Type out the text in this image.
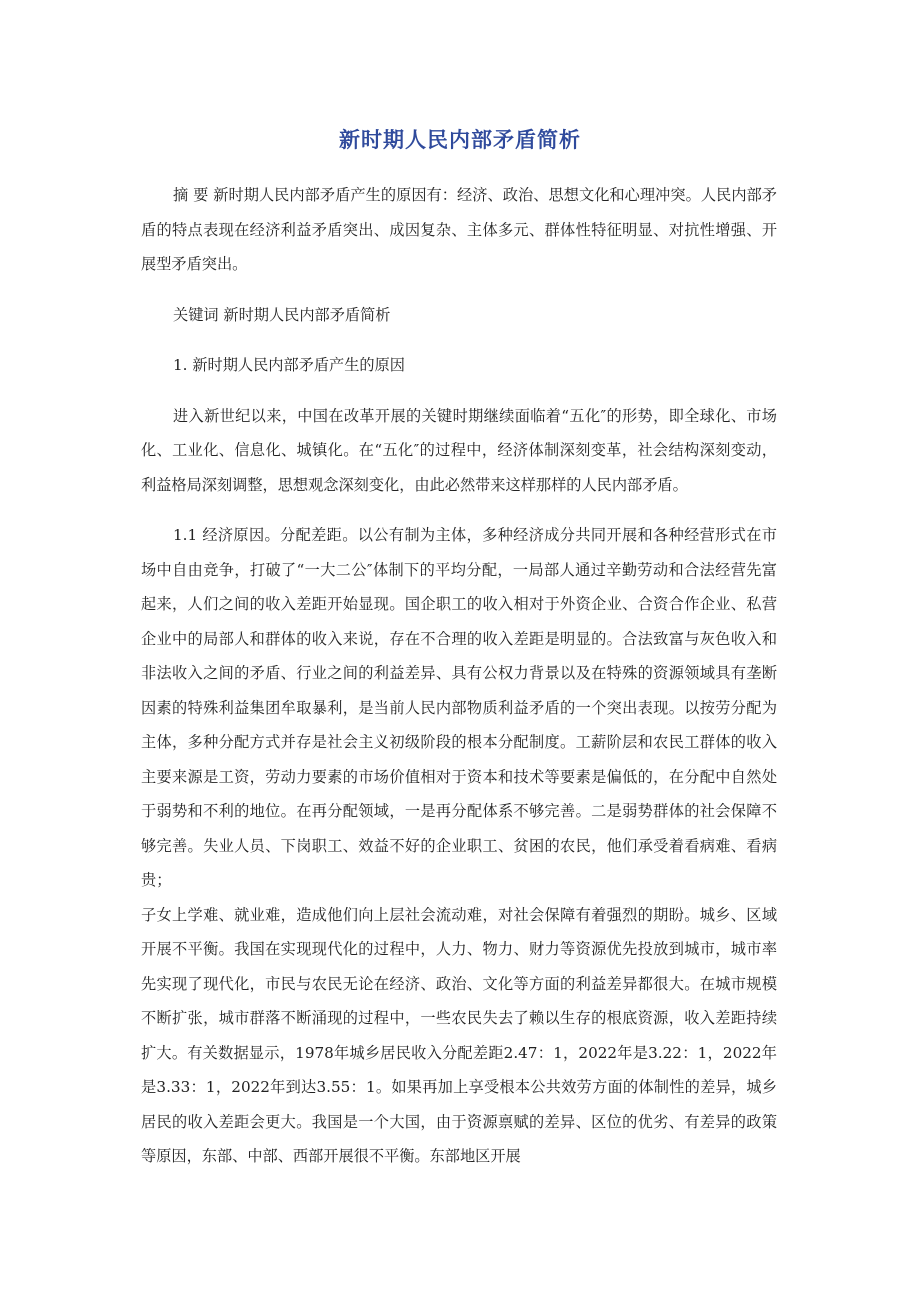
新时期人民内部矛盾简析

摘 要 新时期人民内部矛盾产生的原因有：经济、政治、思想文化和心理冲突。人民内部矛盾的特点表现在经济利益矛盾突出、成因复杂、主体多元、群体性特征明显、对抗性增强、开展型矛盾突出。

关键词 新时期人民内部矛盾简析

1. 新时期人民内部矛盾产生的原因

进入新世纪以来，中国在改革开展的关键时期继续面临着“五化″的形势，即全球化、市场化、工业化、信息化、城镇化。在“五化″的过程中，经济体制深刻变革，社会结构深刻变动，利益格局深刻调整，思想观念深刻变化，由此必然带来这样那样的人民内部矛盾。

1.1 经济原因。分配差距。以公有制为主体，多种经济成分共同开展和各种经营形式在市场中自由竞争，打破了“一大二公″体制下的平均分配，一局部人通过辛勤劳动和合法经营先富起来，人们之间的收入差距开始显现。国企职工的收入相对于外资企业、合资合作企业、私营企业中的局部人和群体的收入来说，存在不合理的收入差距是明显的。合法致富与灰色收入和非法收入之间的矛盾、行业之间的利益差异、具有公权力背景以及在特殊的资源领域具有垄断因素的特殊利益集团牟取暴利，是当前人民内部物质利益矛盾的一个突出表现。以按劳分配为主体，多种分配方式并存是社会主义初级阶段的根本分配制度。工薪阶层和农民工群体的收入主要来源是工资，劳动力要素的市场价值相对于资本和技术等要素是偏低的，在分配中自然处于弱势和不利的地位。在再分配领域，一是再分配体系不够完善。二是弱势群体的社会保障不够完善。失业人员、下岗职工、效益不好的企业职工、贫困的农民，他们承受着看病难、看病贵；

子女上学难、就业难，造成他们向上层社会流动难，对社会保障有着强烈的期盼。城乡、区域开展不平衡。我国在实现现代化的过程中，人力、物力、财力等资源优先投放到城市，城市率先实现了现代化，市民与农民无论在经济、政治、文化等方面的利益差异都很大。在城市规模不断扩张，城市群落不断涌现的过程中，一些农民失去了赖以生存的根底资源，收入差距持续扩大。有关数据显示，1978年城乡居民收入分配差距2.47：1，2022年是3.22：1，2022年是3.33：1，2022年到达3.55：1。如果再加上享受根本公共效劳方面的体制性的差异，城乡居民的收入差距会更大。我国是一个大国，由于资源禀赋的差异、区位的优劣、有差异的政策等原因，东部、中部、西部开展很不平衡。东部地区开展
